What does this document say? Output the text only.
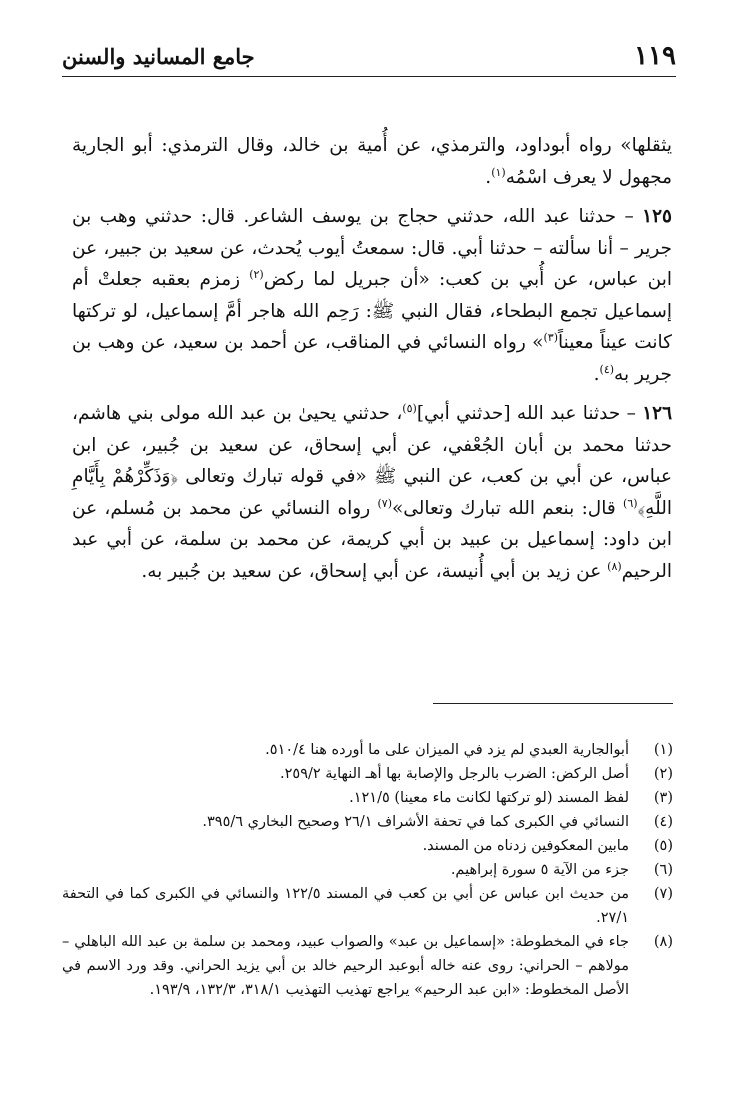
١١٩
جامع المسانيد والسنن

يثقلها» رواه أبوداود، والترمذي، عن أُمية بن خالد، وقال الترمذي: أبو الجارية مجهول لا يعرف اسْمُه$^{(١)}$.

١٢٥ – حدثنا عبد الله، حدثني حجاج بن يوسف الشاعر. قال: حدثني وهب بن جرير – أنا سألته – حدثنا أبي. قال: سمعتُ أيوب يُحدث، عن سعيد بن جبير، عن ابن عباس، عن أُبي بن كعب: «أن جبريل لما ركض$^{(٢)}$ زمزم بعقبه جعلتْ أم إسماعيل تجمع البطحاء، فقال النبي ﷺ: رَحِم الله هاجر أمَّ إسماعيل، لو تركتها كانت عيناً معيناً$^{(٣)}$» رواه النسائي في المناقب، عن أحمد بن سعيد، عن وهب بن جرير به$^{(٤)}$.

١٢٦ – حدثنا عبد الله [حدثني أبي]$^{(٥)}$، حدثني يحيىٰ بن عبد الله مولى بني هاشم، حدثنا محمد بن أبان الجُعْفي، عن أبي إسحاق، عن سعيد بن جُبير، عن ابن عباس، عن أبي بن كعب، عن النبي ﷺ «في قوله تبارك وتعالى ﴿وَذَكِّرْهُمْ بِأَيَّامِ اللَّهِ﴾$^{(٦)}$ قال: بنعم الله تبارك وتعالى»$^{(٧)}$ رواه النسائي عن محمد بن مُسلم، عن ابن داود: إسماعيل بن عبيد بن أبي كريمة، عن محمد بن سلمة، عن أبي عبد الرحيم$^{(٨)}$ عن زيد بن أبي أُنيسة، عن أبي إسحاق، عن سعيد بن جُبير به.

(١)
أبوالجارية العبدي لم يزد في الميزان على ما أورده هنا ٥١٠/٤.
(٢)
أصل الركض: الضرب بالرجل والإصابة بها أهـ النهاية ٢٥٩/٢.
(٣)
لفظ المسند (لو تركتها لكانت ماء معينا) ١٢١/٥.
(٤)
النسائي في الكبرى كما في تحفة الأشراف ٢٦/١ وصحيح البخاري ٣٩٥/٦.
(٥)
مابين المعكوفين زدناه من المسند.
(٦)
جزء من الآية ٥ سورة إبراهيم.
(٧)
من حديث ابن عباس عن أبي بن كعب في المسند ١٢٢/٥ والنسائي في الكبرى كما في التحفة ٢٧/١.
(٨)
جاء في المخطوطة: «إسماعيل بن عبد» والصواب عبيد، ومحمد بن سلمة بن عبد الله الباهلي – مولاهم – الحراني: روى عنه خاله أبوعبد الرحيم خالد بن أبي يزيد الحراني. وقد ورد الاسم في الأصل المخطوط: «ابن عبد الرحيم» يراجع تهذيب التهذيب ٣١٨/١، ١٣٢/٣، ١٩٣/٩.
